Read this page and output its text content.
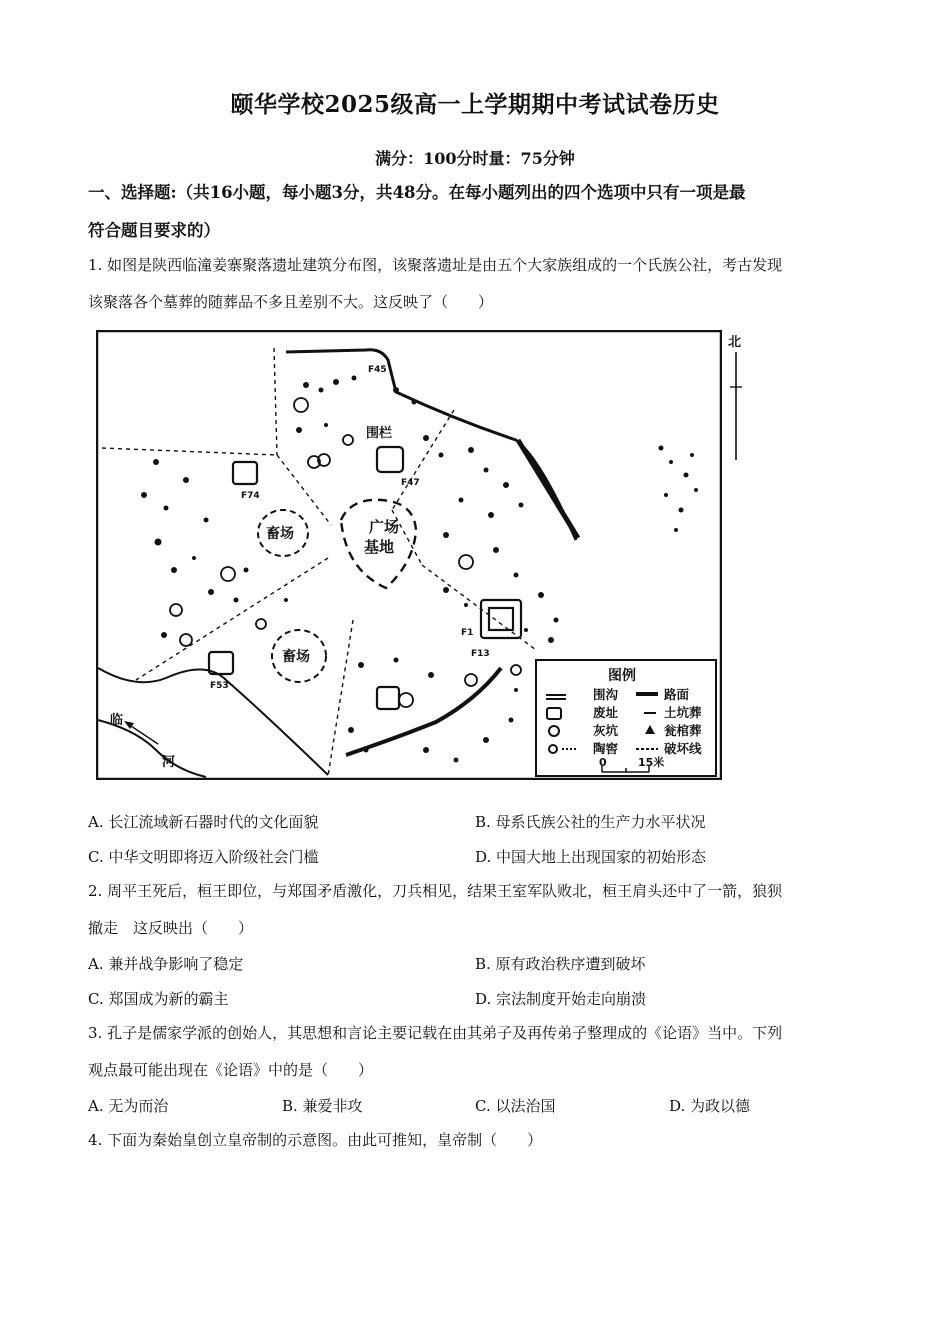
颐华学校2025级高一上学期期中考试试卷历史
满分：100分时量：75分钟
一、选择题:（共16小题，每小题3分，共48分。在每小题列出的四个选项中只有一项是最
符合题目要求的）
1. 如图是陕西临潼姜寨聚落遗址建筑分布图，该聚落遗址是由五个大家族组成的一个氏族公社，考古发现
该聚落各个墓葬的随葬品不多且差别不大。这反映了（　　）
广场
基地
畜场
畜场
临
河
F74
F45
F47
F1
F53
F13
围栏
图例
围沟
废址
灰坑
陶窖
路面
土坑葬
瓮棺葬
破坏线
0	15米
北
A. 长江流域新石器时代的文化面貌	B. 母系氏族公社的生产力水平状况
C. 中华文明即将迈入阶级社会门槛	D. 中国大地上出现国家的初始形态
2. 周平王死后，桓王即位，与郑国矛盾激化，刀兵相见，结果王室军队败北，桓王肩头还中了一箭，狼狈
撤走　这反映出（　　）
A. 兼并战争影响了稳定	B. 原有政治秩序遭到破坏
C. 郑国成为新的霸主	D. 宗法制度开始走向崩溃
3. 孔子是儒家学派的创始人，其思想和言论主要记载在由其弟子及再传弟子整理成的《论语》当中。下列
观点最可能出现在《论语》中的是（　　）
A. 无为而治	B. 兼爱非攻	C. 以法治国	D. 为政以德
4. 下面为秦始皇创立皇帝制的示意图。由此可推知，皇帝制（　　）
